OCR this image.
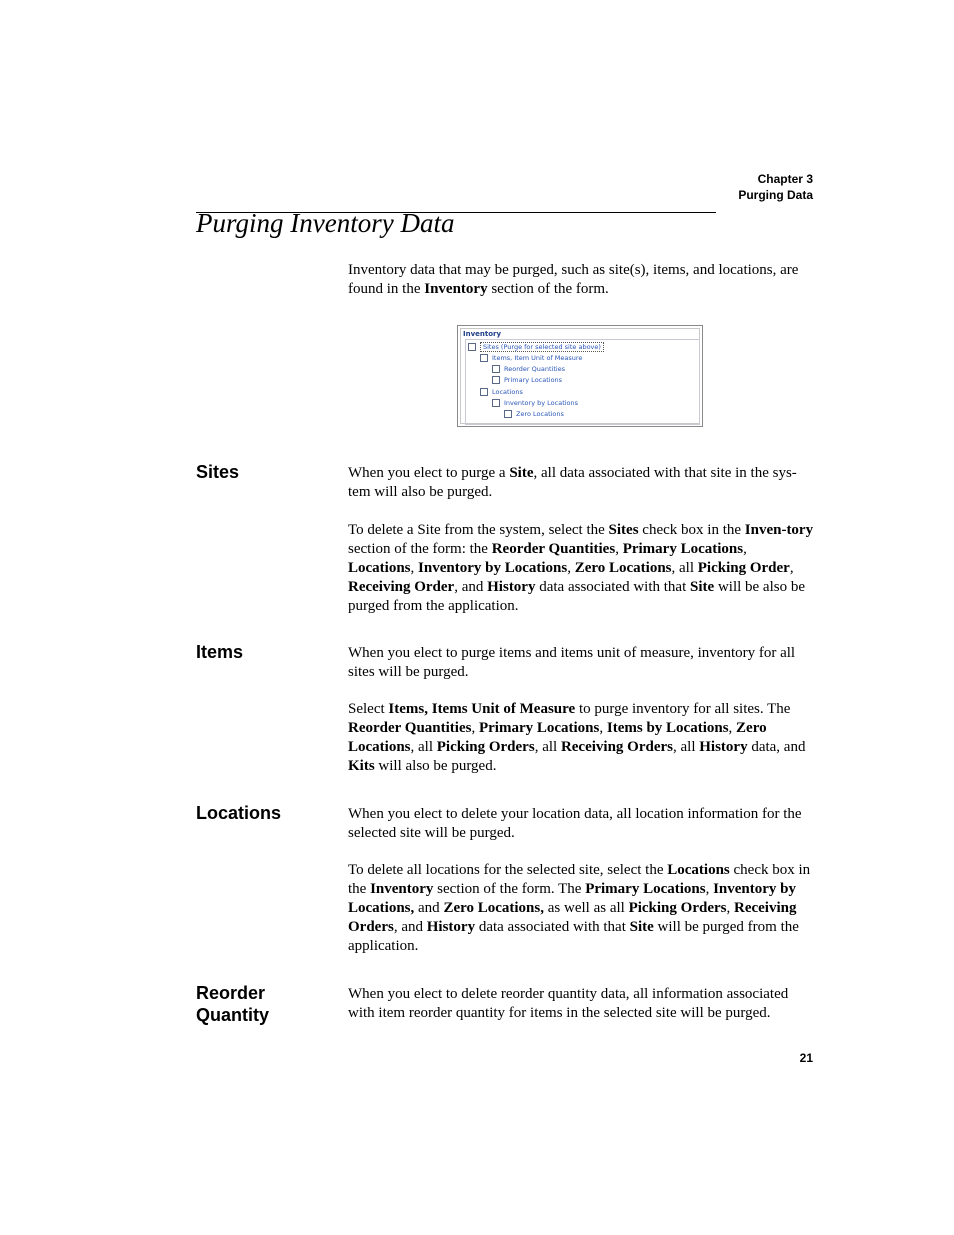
Chapter 3
Purging Data
Purging Inventory Data

Inventory data that may be purged, such as site(s), items, and locations, are found in the Inventory section of the form.

Inventory
Sites (Purge for selected site above)
Items, Item Unit of Measure
Reorder Quantities
Primary Locations
Locations
Inventory by Locations
Zero Locations
Sites	When you elect to purge a Site, all data associated with that site in the sys-tem will also be purged.

To delete a Site from the system, select the Sites check box in the Inven-tory section of the form: the Reorder Quantities, Primary Locations, Locations, Inventory by Locations, Zero Locations, all Picking Order, Receiving Order, and History data associated with that Site will be also be purged from the application.

Items	When you elect to purge items and items unit of measure, inventory for all sites will be purged.

Select Items, Items Unit of Measure to purge inventory for all sites. The Reorder Quantities, Primary Locations, Items by Locations, Zero Locations, all Picking Orders, all Receiving Orders, all History data, and Kits will also be purged.

Locations	When you elect to delete your location data, all location information for the selected site will be purged.

To delete all locations for the selected site, select the Locations check box in the Inventory section of the form. The Primary Locations, Inventory by Locations, and Zero Locations, as well as all Picking Orders, Receiving Orders, and History data associated with that Site will be purged from the application.

Reorder
Quantity

When you elect to delete reorder quantity data, all information associated with item reorder quantity for items in the selected site will be purged.

21
